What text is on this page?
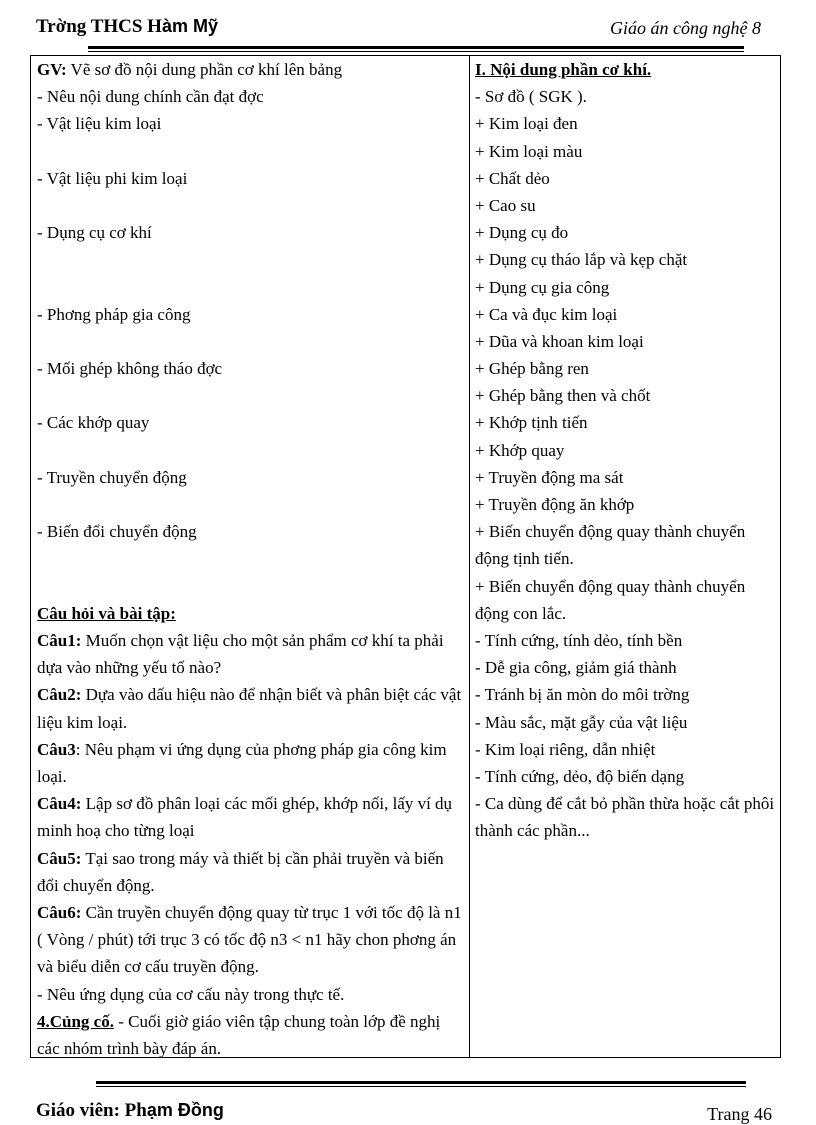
Trờng THCS Hàm Mỹ	Giáo án công nghệ 8
GV: Vẽ sơ đồ nội dung phần cơ khí lên bảng
- Nêu nội dung chính cần đạt đợc
- Vật liệu kim loại
- Vật liệu phi kim loại
- Dụng cụ cơ khí
- Phơng pháp gia công
- Mối ghép không tháo đợc
- Các khớp quay
- Truyền chuyển động
- Biến đổi chuyển động
Câu hỏi và bài tập:
Câu1: Muốn chọn vật liệu cho một sản phẩm cơ khí ta phải dựa vào những yếu tố nào?
Câu2: Dựa vào dấu hiệu nào để nhận biết và phân biệt các vật liệu kim loại.
Câu3: Nêu phạm vi ứng dụng của phơng pháp gia công kim loại.
Câu4: Lập sơ đồ phân loại các mối ghép, khớp nối, lấy ví dụ minh hoạ cho từng loại
Câu5: Tại sao trong máy và thiết bị cần phải truyền và biến đổi chuyển động.
Câu6: Cần truyền chuyển động quay từ trục 1 với tốc độ là n1 ( Vòng / phút) tới trục 3 có tốc độ n3 < n1 hãy chon phơng án và biểu diễn cơ cấu truyền động.
- Nêu ứng dụng của cơ cấu này trong thực tế.
4.Củng cố. - Cuối giờ giáo viên tập chung toàn lớp đề nghị các nhóm trình bày đáp án.
I. Nội dung phần cơ khí.
- Sơ đồ ( SGK ).
+ Kim loại đen
+ Kim loại màu
+ Chất dẻo
+ Cao su
+ Dụng cụ đo
+ Dụng cụ tháo lắp và kẹp chặt
+ Dụng cụ gia công
+ Ca và đục kim loại
+ Dũa và khoan kim loại
+ Ghép bằng ren
+ Ghép bằng then và chốt
+ Khớp tịnh tiến
+ Khớp quay
+ Truyền động ma sát
+ Truyền động ăn khớp
+ Biến chuyển động quay thành chuyển động tịnh tiến.
+ Biến chuyển động quay thành chuyển động con lắc.
- Tính cứng, tính dẻo, tính bền
- Dễ gia công, giảm giá thành
- Tránh bị ăn mòn do môi trờng
- Màu sắc, mặt gẫy của vật liệu
- Kim loại riêng, dẫn nhiệt
- Tính cứng, dẻo, độ biến dạng
- Ca dùng để cắt bỏ phần thừa hoặc cắt phôi thành các phần...
Giáo viên: Phạm Đồng	Trang 46
